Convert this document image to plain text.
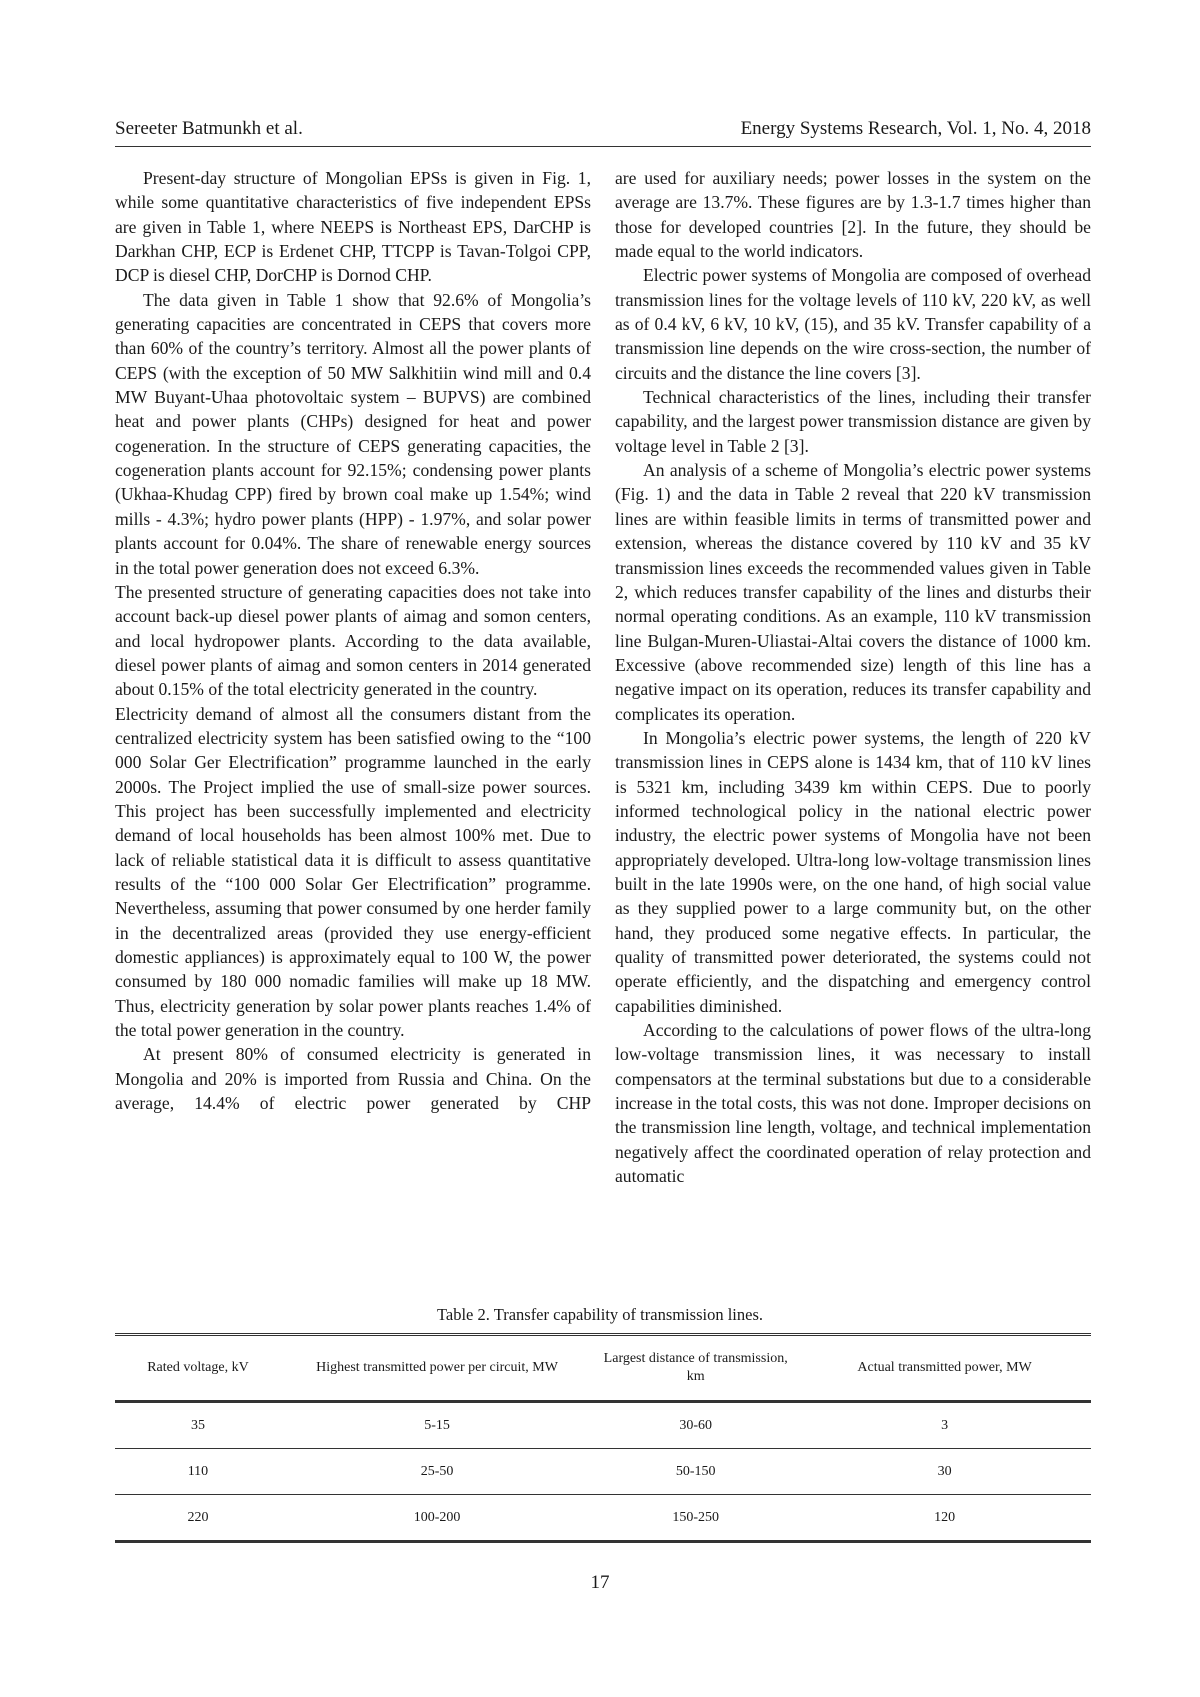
Sereeter Batmunkh et al.	Energy Systems Research, Vol. 1, No. 4, 2018

Present-day structure of Mongolian EPSs is given in Fig. 1, while some quantitative characteristics of five independent EPSs are given in Table 1, where NEEPS is Northeast EPS, DarCHP is Darkhan CHP, ECP is Erdenet CHP, TTCPP is Tavan-Tolgoi CPP, DCP is diesel CHP, DorCHP is Dornod CHP.

The data given in Table 1 show that 92.6% of Mongolia’s generating capacities are concentrated in CEPS that covers more than 60% of the country’s territory. Almost all the power plants of CEPS (with the exception of 50 MW Salkhitiin wind mill and 0.4 MW Buyant-Uhaa photovoltaic system – BUPVS) are combined heat and power plants (CHPs) designed for heat and power cogeneration. In the structure of CEPS generating capacities, the cogeneration plants account for 92.15%; condensing power plants (Ukhaa-Khudag CPP) fired by brown coal make up 1.54%; wind mills - 4.3%; hydro power plants (HPP) - 1.97%, and solar power plants account for 0.04%. The share of renewable energy sources in the total power generation does not exceed 6.3%.

The presented structure of generating capacities does not take into account back-up diesel power plants of aimag and somon centers, and local hydropower plants. According to the data available, diesel power plants of aimag and somon centers in 2014 generated about 0.15% of the total electricity generated in the country.

Electricity demand of almost all the consumers distant from the centralized electricity system has been satisfied owing to the “100 000 Solar Ger Electrification” programme launched in the early 2000s. The Project implied the use of small-size power sources. This project has been successfully implemented and electricity demand of local households has been almost 100% met. Due to lack of reliable statistical data it is difficult to assess quantitative results of the “100 000 Solar Ger Electrification” programme. Nevertheless, assuming that power consumed by one herder family in the decentralized areas (provided they use energy-efficient domestic appliances) is approximately equal to 100 W, the power consumed by 180 000 nomadic families will make up 18 MW. Thus, electricity generation by solar power plants reaches 1.4% of the total power generation in the country.

At present 80% of consumed electricity is generated in Mongolia and 20% is imported from Russia and China. On the average, 14.4% of electric power generated by CHP

are used for auxiliary needs; power losses in the system on the average are 13.7%. These figures are by 1.3-1.7 times higher than those for developed countries [2]. In the future, they should be made equal to the world indicators.

Electric power systems of Mongolia are composed of overhead transmission lines for the voltage levels of 110 kV, 220 kV, as well as of 0.4 kV, 6 kV, 10 kV, (15), and 35 kV. Transfer capability of a transmission line depends on the wire cross-section, the number of circuits and the distance the line covers [3].

Technical characteristics of the lines, including their transfer capability, and the largest power transmission distance are given by voltage level in Table 2 [3].

An analysis of a scheme of Mongolia’s electric power systems (Fig. 1) and the data in Table 2 reveal that 220 kV transmission lines are within feasible limits in terms of transmitted power and extension, whereas the distance covered by 110 kV and 35 kV transmission lines exceeds the recommended values given in Table 2, which reduces transfer capability of the lines and disturbs their normal operating conditions. As an example, 110 kV transmission line Bulgan-Muren-Uliastai-Altai covers the distance of 1000 km. Excessive (above recommended size) length of this line has a negative impact on its operation, reduces its transfer capability and complicates its operation.

In Mongolia’s electric power systems, the length of 220 kV transmission lines in CEPS alone is 1434 km, that of 110 kV lines is 5321 km, including 3439 km within CEPS. Due to poorly informed technological policy in the national electric power industry, the electric power systems of Mongolia have not been appropriately developed. Ultra-long low-voltage transmission lines built in the late 1990s were, on the one hand, of high social value as they supplied power to a large community but, on the other hand, they produced some negative effects. In particular, the quality of transmitted power deteriorated, the systems could not operate efficiently, and the dispatching and emergency control capabilities diminished.

According to the calculations of power flows of the ultra-long low-voltage transmission lines, it was necessary to install compensators at the terminal substations but due to a considerable increase in the total costs, this was not done. Improper decisions on the transmission line length, voltage, and technical implementation negatively affect the coordinated operation of relay protection and automatic

Table 2. Transfer capability of transmission lines.
Rated voltage, kV	Highest transmitted power per circuit, MW	Largest distance of transmission, km	Actual transmitted power, MW
35	5-15	30-60	3
110	25-50	50-150	30
220	100-200	150-250	120
17
